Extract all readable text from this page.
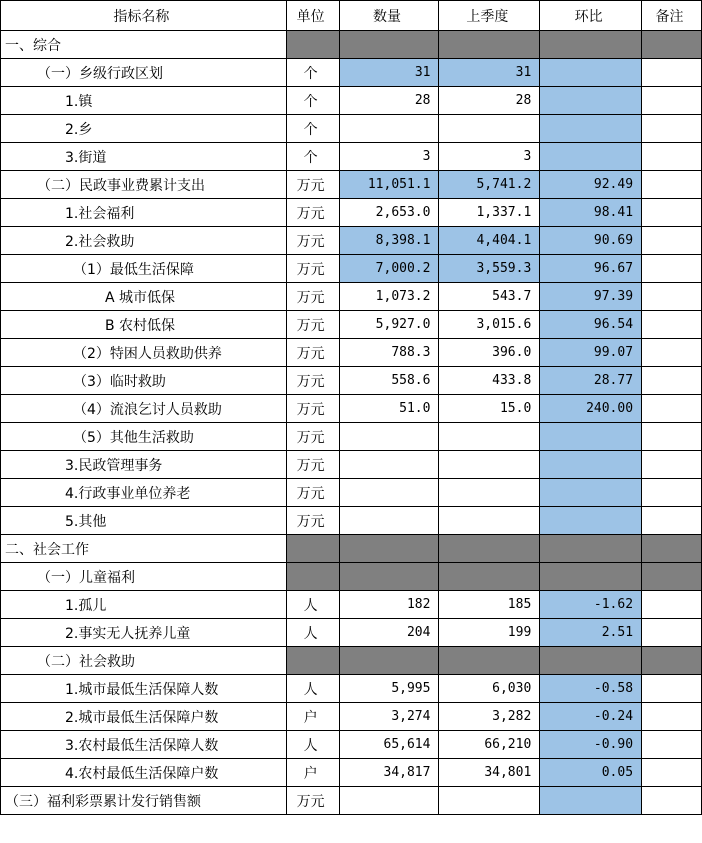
指标名称	单位	数量	上季度	环比	备注
一、综合					
（一）乡级行政区划	个	31	31		
1.镇	个	28	28		
2.乡	个				
3.街道	个	3	3		
（二）民政事业费累计支出	万元	11,051.1	5,741.2	92.49	
1.社会福利	万元	2,653.0	1,337.1	98.41	
2.社会救助	万元	8,398.1	4,404.1	90.69	
（1）最低生活保障	万元	7,000.2	3,559.3	96.67	
A 城市低保	万元	1,073.2	543.7	97.39	
B 农村低保	万元	5,927.0	3,015.6	96.54	
（2）特困人员救助供养	万元	788.3	396.0	99.07	
（3）临时救助	万元	558.6	433.8	28.77	
（4）流浪乞讨人员救助	万元	51.0	15.0	240.00	
（5）其他生活救助	万元				
3.民政管理事务	万元				
4.行政事业单位养老	万元				
5.其他	万元				
二、社会工作					
（一）儿童福利					
1.孤儿	人	182	185	-1.62	
2.事实无人抚养儿童	人	204	199	2.51	
（二）社会救助					
1.城市最低生活保障人数	人	5,995	6,030	-0.58	
2.城市最低生活保障户数	户	3,274	3,282	-0.24	
3.农村最低生活保障人数	人	65,614	66,210	-0.90	
4.农村最低生活保障户数	户	34,817	34,801	0.05	
（三）福利彩票累计发行销售额	万元				
1990
